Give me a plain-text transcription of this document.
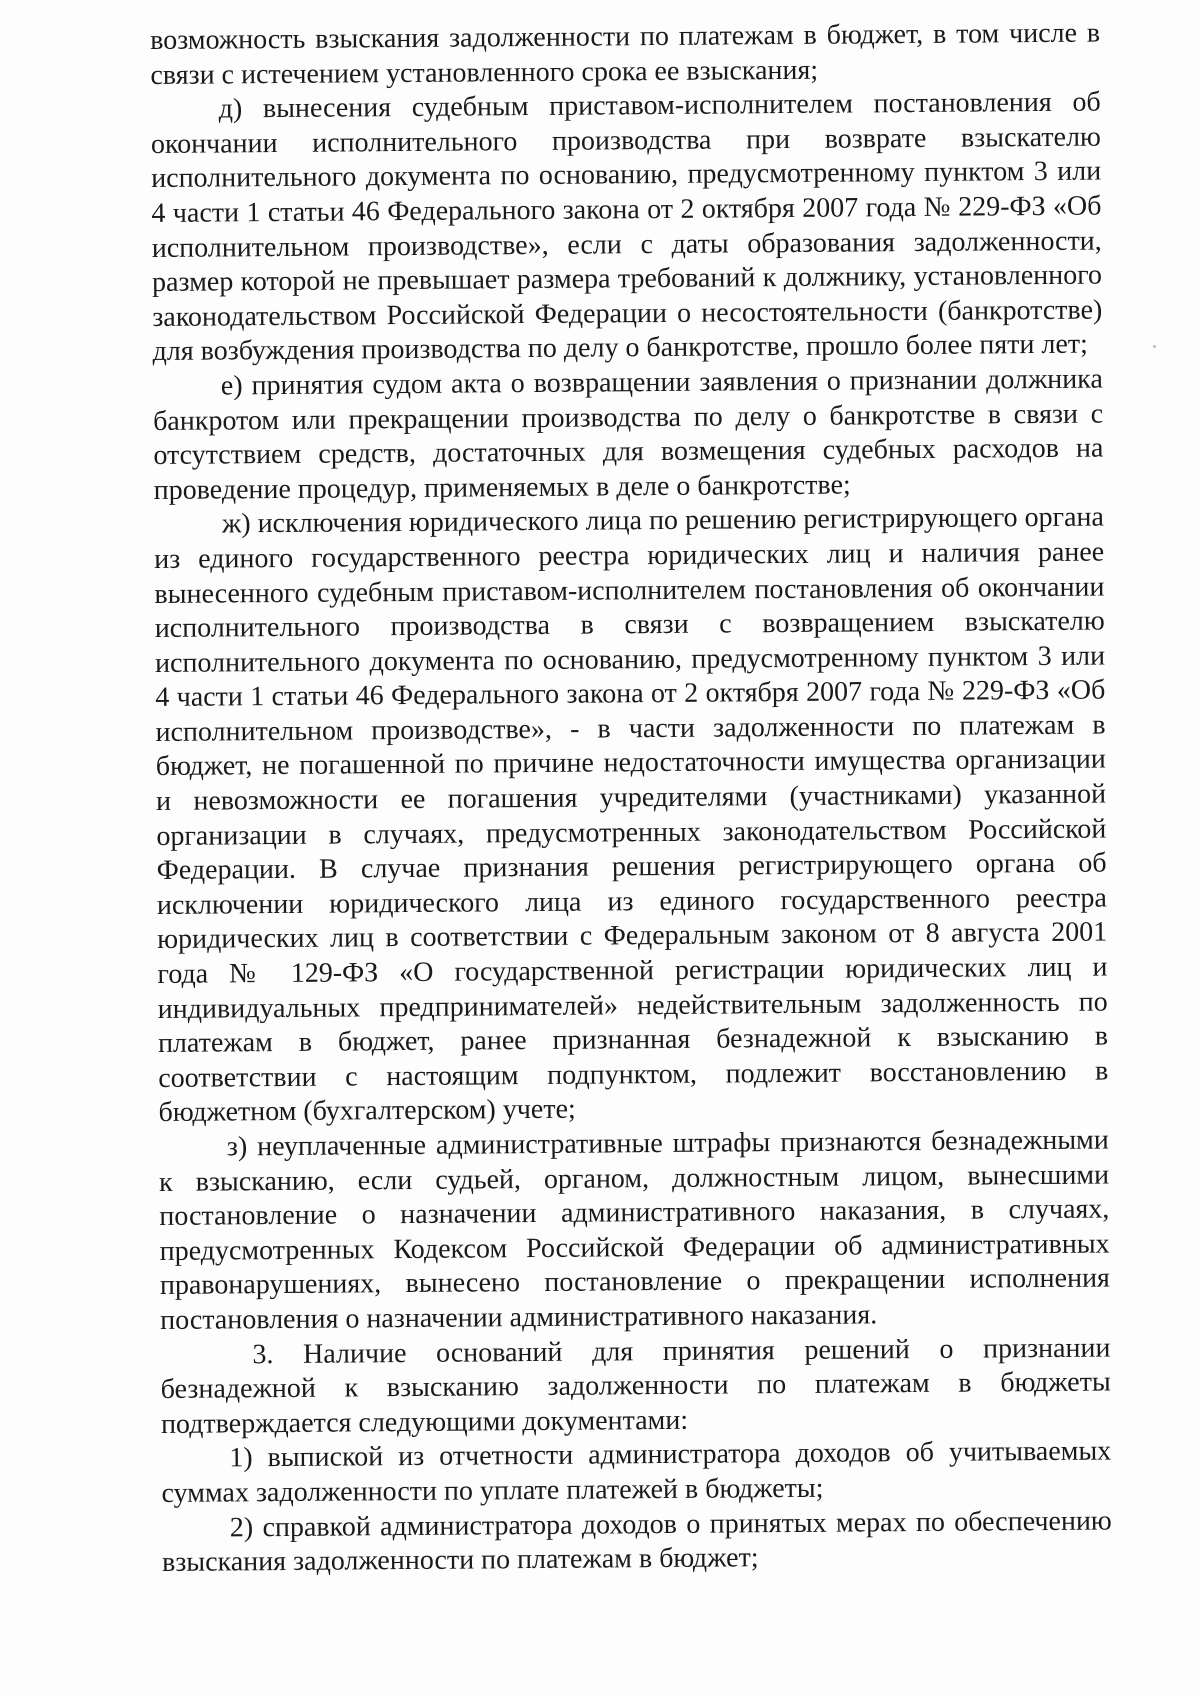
возможность взыскания задолженности по платежам в бюджет, в том числе в связи с истечением установленного срока ее взыскания;

д) вынесения судебным приставом-исполнителем постановления об окончании исполнительного производства при возврате взыскателю исполнительного документа по основанию, предусмотренному пунктом 3 или 4 части 1 статьи 46 Федерального закона от 2 октября 2007 года № 229-ФЗ «Об исполнительном производстве», если с даты образования задолженности, размер которой не превышает размера требований к должнику, установленного законодательством Российской Федерации о несостоятельности (банкротстве) для возбуждения производства по делу о банкротстве, прошло более пяти лет;

е) принятия судом акта о возвращении заявления о признании должника банкротом или прекращении производства по делу о банкротстве в связи с отсутствием средств, достаточных для возмещения судебных расходов на проведение процедур, применяемых в деле о банкротстве;

ж) исключения юридического лица по решению регистрирующего органа из единого государственного реестра юридических лиц и наличия ранее вынесенного судебным приставом-исполнителем постановления об окончании исполнительного производства в связи с возвращением взыскателю исполнительного документа по основанию, предусмотренному пунктом 3 или 4 части 1 статьи 46 Федерального закона от 2 октября 2007 года № 229-ФЗ «Об исполнительном производстве», - в части задолженности по платежам в бюджет, не погашенной по причине недостаточности имущества организации и невозможности ее погашения учредителями (участниками) указанной организации в случаях, предусмотренных законодательством Российской Федерации. В случае признания решения регистрирующего органа об исключении юридического лица из единого государственного реестра юридических лиц в соответствии с Федеральным законом от 8 августа 2001 года № 129-ФЗ «О государственной регистрации юридических лиц и индивидуальных предпринимателей» недействительным задолженность по платежам в бюджет, ранее признанная безнадежной к взысканию в соответствии с настоящим подпунктом, подлежит восстановлению в бюджетном (бухгалтерском) учете;

з) неуплаченные административные штрафы признаются безнадежными к взысканию, если судьей, органом, должностным лицом, вынесшими постановление о назначении административного наказания, в случаях, предусмотренных Кодексом Российской Федерации об административных правонарушениях, вынесено постановление о прекращении исполнения постановления о назначении административного наказания.

3. Наличие оснований для принятия решений о признании безнадежной к взысканию задолженности по платежам в бюджеты подтверждается следующими документами:

1) выпиской из отчетности администратора доходов об учитываемых суммах задолженности по уплате платежей в бюджеты;

2) справкой администратора доходов о принятых мерах по обеспечению взыскания задолженности по платежам в бюджет;
